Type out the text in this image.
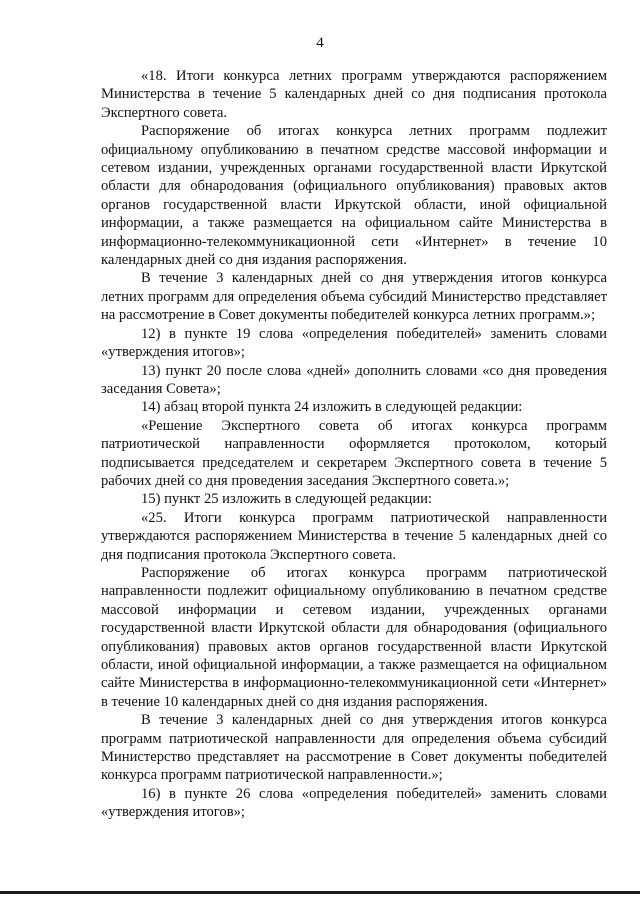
4

«18. Итоги конкурса летних программ утверждаются распоряжением Министерства в течение 5 календарных дней со дня подписания протокола Экспертного совета.

Распоряжение об итогах конкурса летних программ подлежит официальному опубликованию в печатном средстве массовой информации и сетевом издании, учрежденных органами государственной власти Иркутской области для обнародования (официального опубликования) правовых актов органов государственной власти Иркутской области, иной официальной информации, а также размещается на официальном сайте Министерства в информационно-телекоммуникационной сети «Интернет» в течение 10 календарных дней со дня издания распоряжения.

В течение 3 календарных дней со дня утверждения итогов конкурса летних программ для определения объема субсидий Министерство представляет на рассмотрение в Совет документы победителей конкурса летних программ.»;

12) в пункте 19 слова «определения победителей» заменить словами «утверждения итогов»;

13) пункт 20 после слова «дней» дополнить словами «со дня проведения заседания Совета»;

14) абзац второй пункта 24 изложить в следующей редакции:

«Решение Экспертного совета об итогах конкурса программ патриотической направленности оформляется протоколом, который подписывается председателем и секретарем Экспертного совета в течение 5 рабочих дней со дня проведения заседания Экспертного совета.»;

15) пункт 25 изложить в следующей редакции:

«25. Итоги конкурса программ патриотической направленности утверждаются распоряжением Министерства в течение 5 календарных дней со дня подписания протокола Экспертного совета.

Распоряжение об итогах конкурса программ патриотической направленности подлежит официальному опубликованию в печатном средстве массовой информации и сетевом издании, учрежденных органами государственной власти Иркутской области для обнародования (официального опубликования) правовых актов органов государственной власти Иркутской области, иной официальной информации, а также размещается на официальном сайте Министерства в информационно-телекоммуникационной сети «Интернет» в течение 10 календарных дней со дня издания распоряжения.

В течение 3 календарных дней со дня утверждения итогов конкурса программ патриотической направленности для определения объема субсидий Министерство представляет на рассмотрение в Совет документы победителей конкурса программ патриотической направленности.»;

16) в пункте 26 слова «определения победителей» заменить словами «утверждения итогов»;
